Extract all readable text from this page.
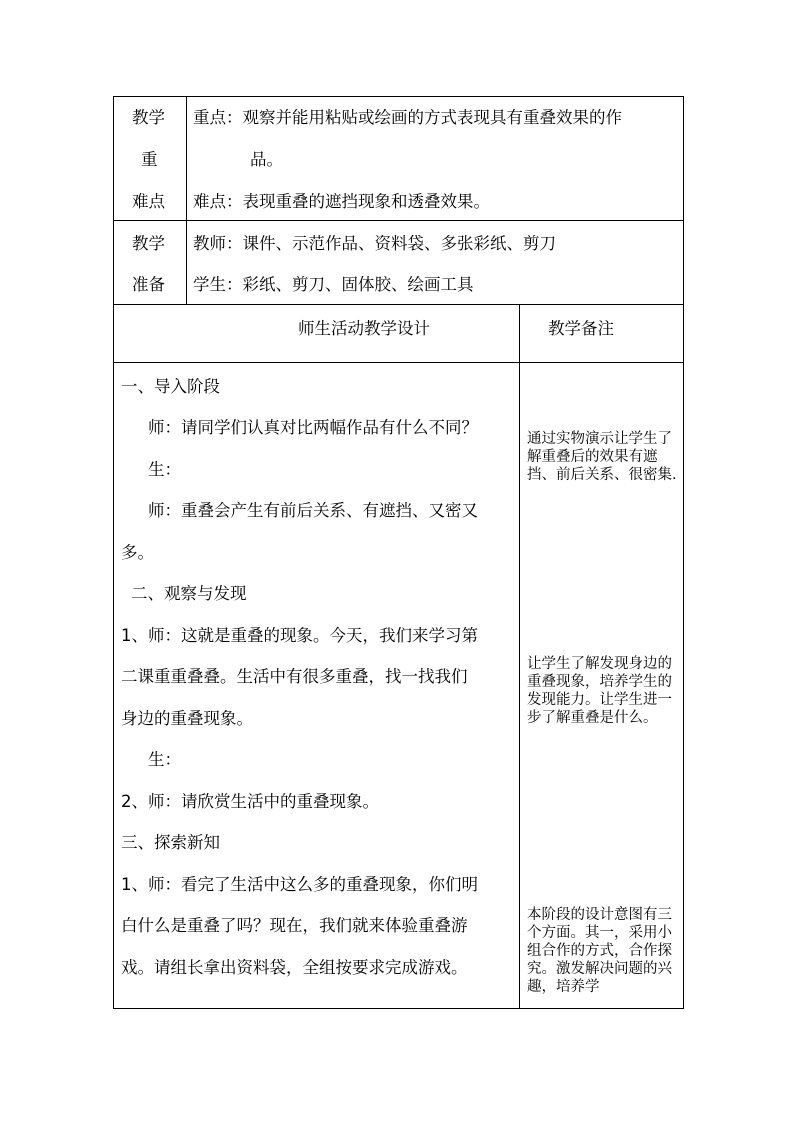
教学
重
难点
重点：观察并能用粘贴或绘画的方式表现具有重叠效果的作
品。
难点：表现重叠的遮挡现象和透叠效果。
教学
准备
教师：课件、示范作品、资料袋、多张彩纸、剪刀
学生：彩纸、剪刀、固体胶、绘画工具
师生活动教学设计	教学备注
一、导入阶段
师：请同学们认真对比两幅作品有什么不同？
生：
师：重叠会产生有前后关系、有遮挡、又密又
多。
二、观察与发现
1、师：这就是重叠的现象。今天，我们来学习第
二课重重叠叠。生活中有很多重叠，找一找我们
身边的重叠现象。
生：
2、师：请欣赏生活中的重叠现象。
三、探索新知
1、师：看完了生活中这么多的重叠现象，你们明
白什么是重叠了吗？现在，我们就来体验重叠游
戏。请组长拿出资料袋，全组按要求完成游戏。
通过实物演示让学生了解重叠后的效果有遮挡、前后关系、很密集.
让学生了解发现身边的重叠现象，培养学生的发现能力。让学生进一步了解重叠是什么。
本阶段的设计意图有三个方面。其一，采用小组合作的方式，合作探究。激发解决问题的兴趣，培养学
